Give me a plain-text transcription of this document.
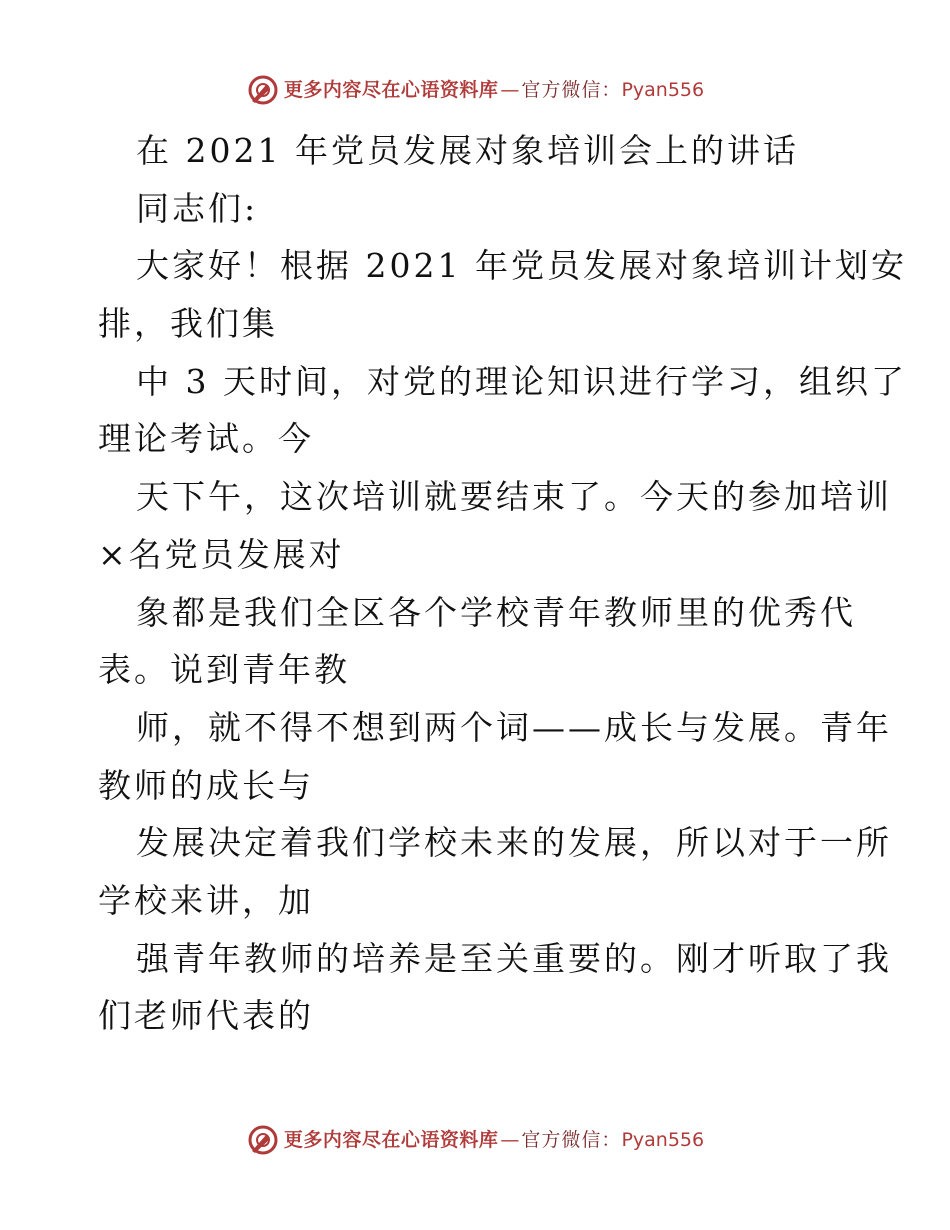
更多内容尽在心语资料库 — 官方微信： Pyan556
在 2021 年党员发展对象培训会上的讲话
同志们:
大家好！根据 2021 年党员发展对象培训计划安
排，我们集
中 3 天时间，对党的理论知识进行学习，组织了
理论考试。今
天下午，这次培训就要结束了。今天的参加培训
×名党员发展对
象都是我们全区各个学校青年教师里的优秀代
表。说到青年教
师，就不得不想到两个词——成长与发展。青年
教师的成长与
发展决定着我们学校未来的发展，所以对于一所
学校来讲，加
强青年教师的培养是至关重要的。刚才听取了我
们老师代表的
更多内容尽在心语资料库 — 官方微信： Pyan556
